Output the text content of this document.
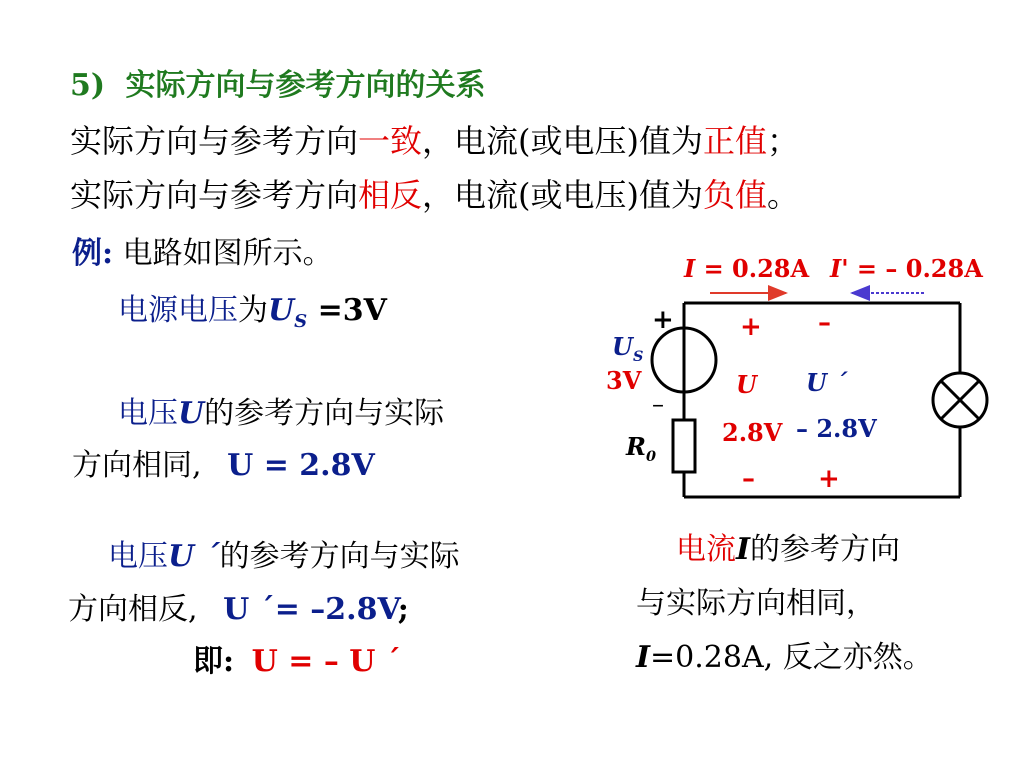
5) 实际方向与参考方向的关系
实际方向与参考方向一致，电流(或电压)值为正值；
实际方向与参考方向相反，电流(或电压)值为负值。
例: 电路如图所示。
电源电压为$U_S =3V$
电压U的参考方向与实际
方向相同, U = 2.8V
电压U ´的参考方向与实际
方向相反, U ´= –2.8V;
即: U = – U ´
I = 0.28A I' = – 0.28A
+
–
$U_S$
3V
$R_0$
+ –
U U ´
2.8V – 2.8V
– +
电流I的参考方向
与实际方向相同，
I=0.28A, 反之亦然。
